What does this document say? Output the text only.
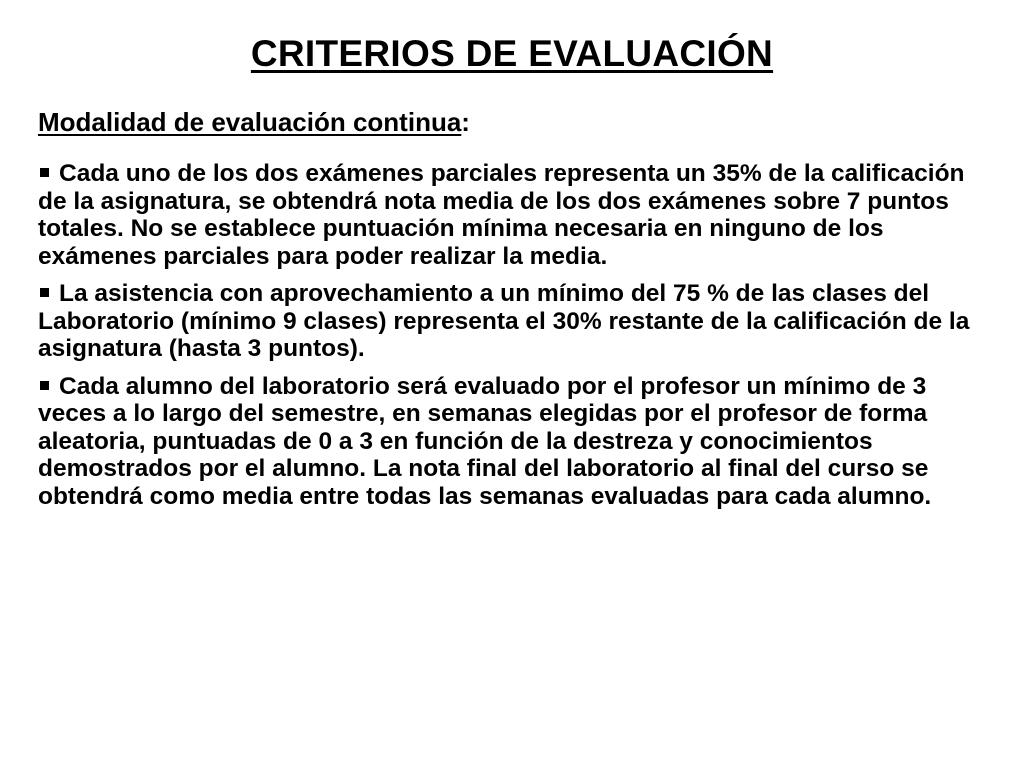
CRITERIOS DE EVALUACIÓN
Modalidad de evaluación continua:
Cada uno de los dos exámenes parciales representa un 35% de la calificación de la asignatura, se obtendrá nota media de los dos exámenes sobre 7 puntos totales. No se establece puntuación mínima necesaria en ninguno de los exámenes parciales para poder realizar la media.
La asistencia con aprovechamiento a un mínimo del 75 % de las clases del Laboratorio (mínimo 9 clases) representa el 30% restante de la calificación de la asignatura (hasta 3 puntos).
Cada alumno del laboratorio será evaluado por el profesor un mínimo de 3 veces a lo largo del semestre, en semanas elegidas por el profesor de forma aleatoria, puntuadas de 0 a 3 en función de la destreza y conocimientos demostrados por el alumno. La nota final del laboratorio al final del curso se obtendrá como media entre todas las semanas evaluadas para cada alumno.
